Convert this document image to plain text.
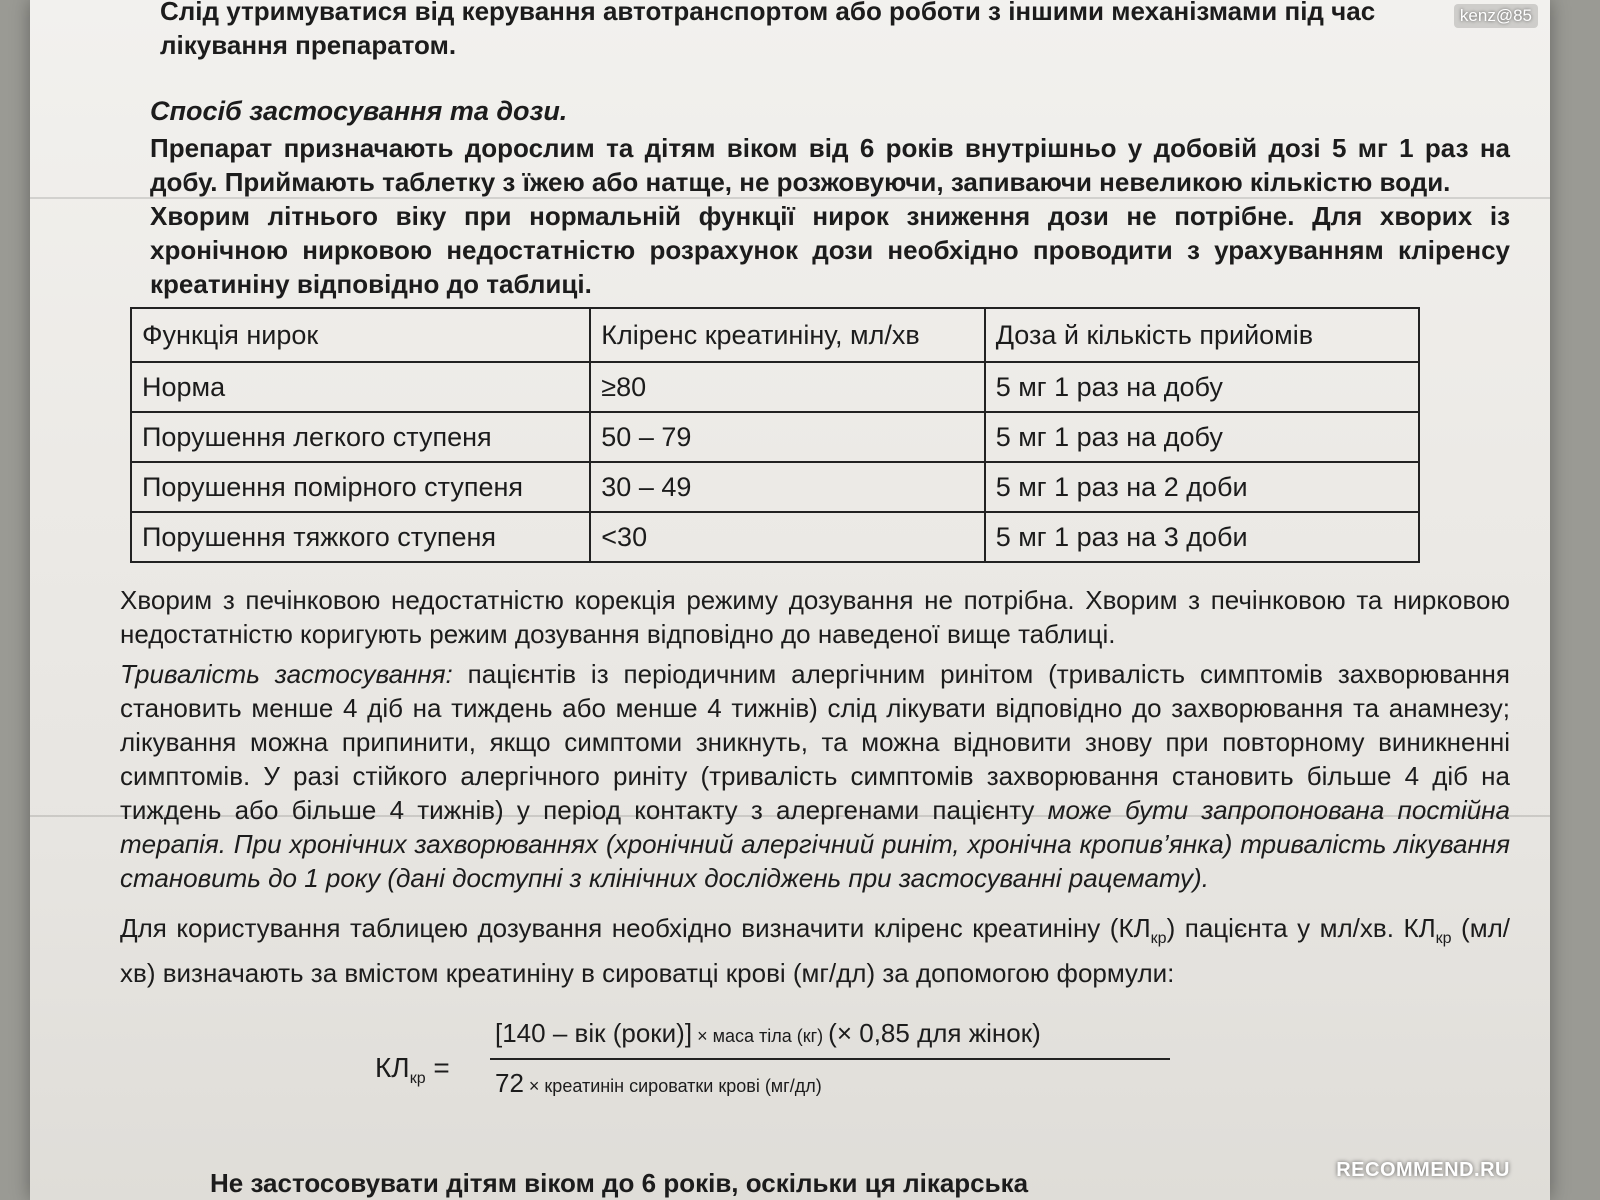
Слід утримуватися від керування автотранспортом або роботи з іншими механізмами під час
лікування препаратом.

Спосіб застосування та дози.

Препарат призначають дорослим та дітям віком від 6 років внутрішньо у добовій дозі 5 мг 1 раз на добу. Приймають таблетку з їжею або натще, не розжовуючи, запиваючи невеликою кількістю води.

Хворим літнього віку при нормальній функції нирок зниження дози не потрібне. Для хворих із хронічною нирковою недостатністю розрахунок дози необхідно проводити з урахуванням кліренсу креатиніну відповідно до таблиці.

Функція нирок	Кліренс креатиніну, мл/хв	Доза й кількість прийомів
Норма	≥80	5 мг 1 раз на добу
Порушення легкого ступеня	50 – 79	5 мг 1 раз на добу
Порушення помірного ступеня	30 – 49	5 мг 1 раз на 2 доби
Порушення тяжкого ступеня	<30	5 мг 1 раз на 3 доби

Хворим з печінковою недостатністю корекція режиму дозування не потрібна. Хворим з печінковою та нирковою недостатністю коригують режим дозування відповідно до наведеної вище таблиці.

Тривалість застосування: пацієнтів із періодичним алергічним ринітом (тривалість симптомів захворювання становить менше 4 діб на тиждень або менше 4 тижнів) слід лікувати відповідно до захворювання та анамнезу; лікування можна припинити, якщо симптоми зникнуть, та можна відновити знову при повторному виникненні симптомів. У разі стійкого алергічного риніту (тривалість симптомів захворювання становить більше 4 діб на тиждень або більше 4 тижнів) у період контакту з алергенами пацієнту може бути запропонована постійна терапія. При хронічних захворюваннях (хронічний алергічний риніт, хронічна кропив’янка) тривалість лікування становить до 1 року (дані доступні з клінічних досліджень при застосуванні рацемату).

Для користування таблицею дозування необхідно визначити кліренс креатиніну $(КЛ_{кр})$ пацієнта у мл/хв. $КЛ_{кр}$ (мл/хв) визначають за вмістом креатиніну в сироватці крові (мг/дл) за допомогою формули:

$КЛ_{кр}$ =
[140 – вік (роки)] × маса тіла (кг) (× 0,85 для жінок)
72 × креатинін сироватки крові (мг/дл)
Не застосовувати дітям віком до 6 років, оскільки ця лікарська
kenz@85
RECOMMEND.RU
